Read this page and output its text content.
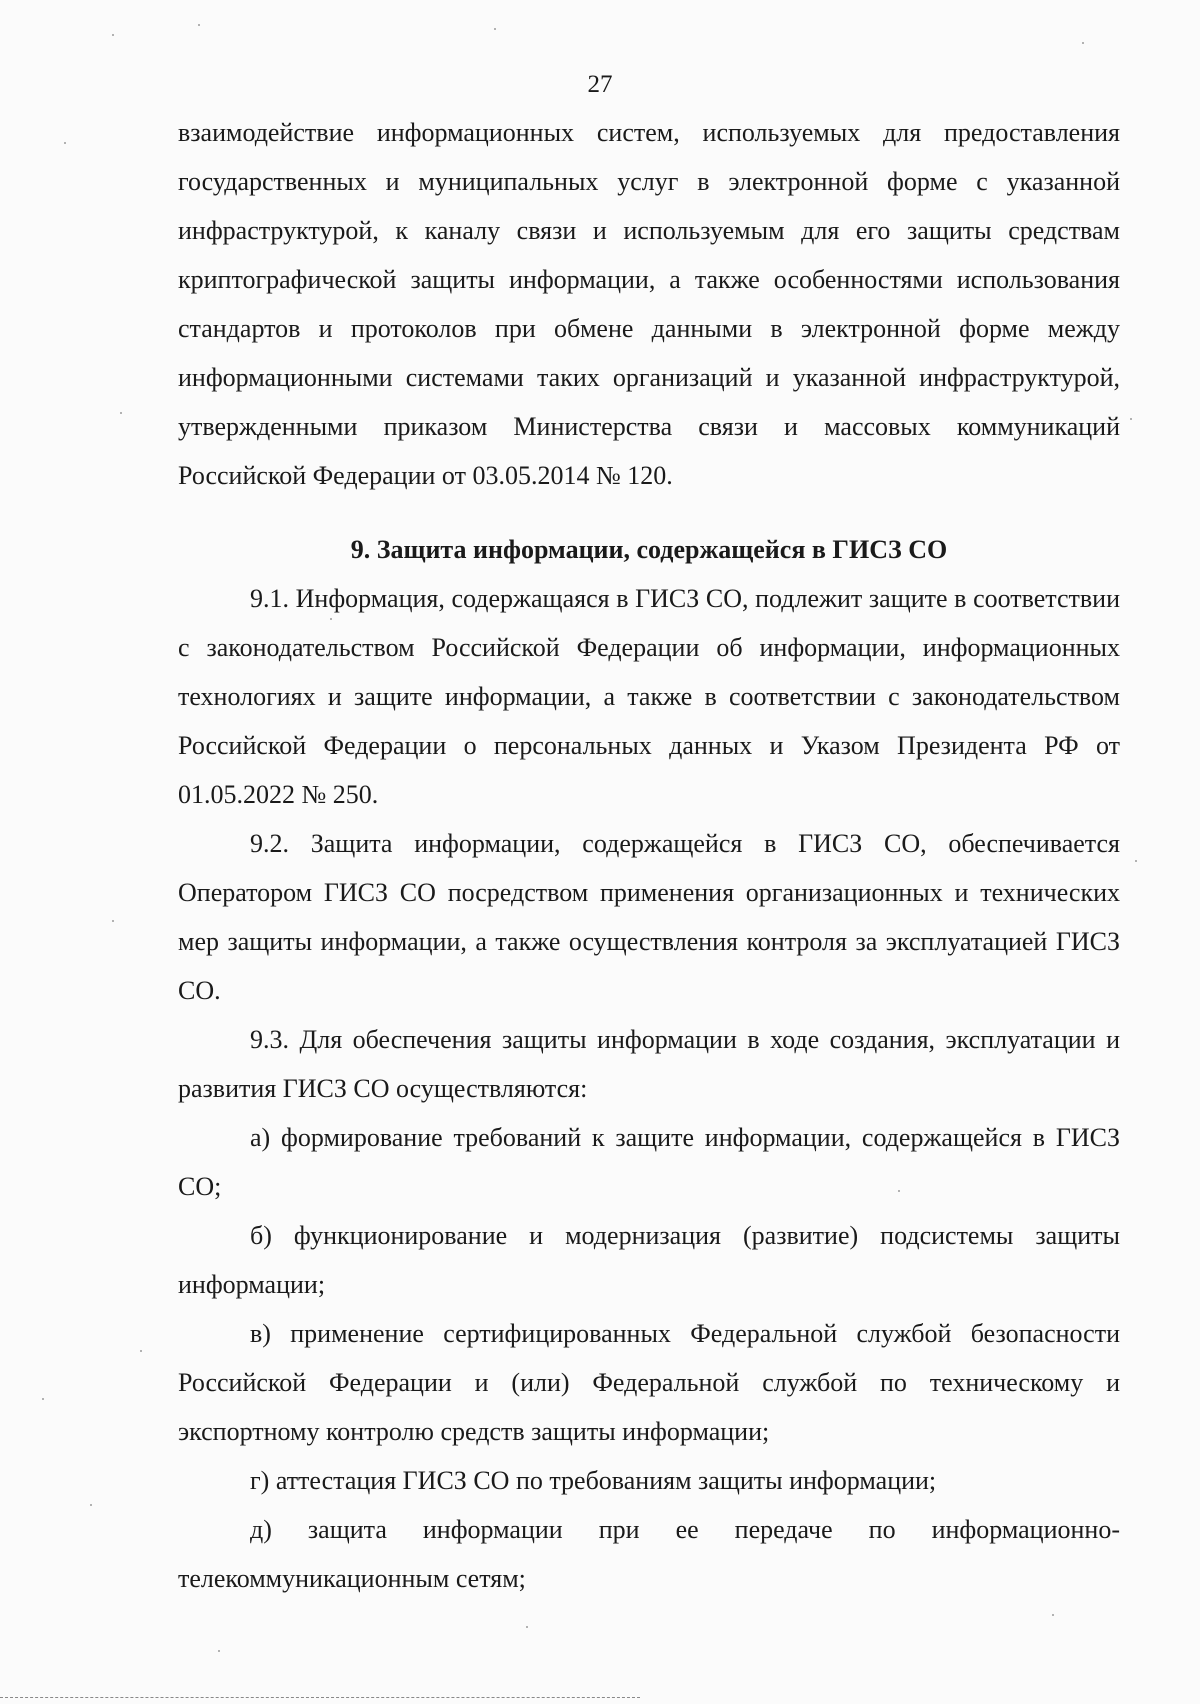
27

взаимодействие информационных систем, используемых для предоставления государственных и муниципальных услуг в электронной форме с указанной инфраструктурой, к каналу связи и используемым для его защиты средствам криптографической защиты информации, а также особенностями использования стандартов и протоколов при обмене данными в электронной форме между информационными системами таких организаций и указанной инфраструктурой, утвержденными приказом Министерства связи и массовых коммуникаций Российской Федерации от 03.05.2014 № 120.

9. Защита информации, содержащейся в ГИСЗ СО

9.1. Информация, содержащаяся в ГИСЗ СО, подлежит защите в соответствии с законодательством Российской Федерации об информации, информационных технологиях и защите информации, а также в соответствии с законодательством Российской Федерации о персональных данных и Указом Президента РФ от 01.05.2022 № 250.

9.2. Защита информации, содержащейся в ГИСЗ СО, обеспечивается Оператором ГИСЗ СО посредством применения организационных и технических мер защиты информации, а также осуществления контроля за эксплуатацией ГИСЗ СО.

9.3. Для обеспечения защиты информации в ходе создания, эксплуатации и развития ГИСЗ СО осуществляются:

а) формирование требований к защите информации, содержащейся в ГИСЗ СО;

б) функционирование и модернизация (развитие) подсистемы защиты информации;

в) применение сертифицированных Федеральной службой безопасности Российской Федерации и (или) Федеральной службой по техническому и экспортному контролю средств защиты информации;

г) аттестация ГИСЗ СО по требованиям защиты информации;

д) защита информации при ее передаче по информационно-телекоммуникационным сетям;
